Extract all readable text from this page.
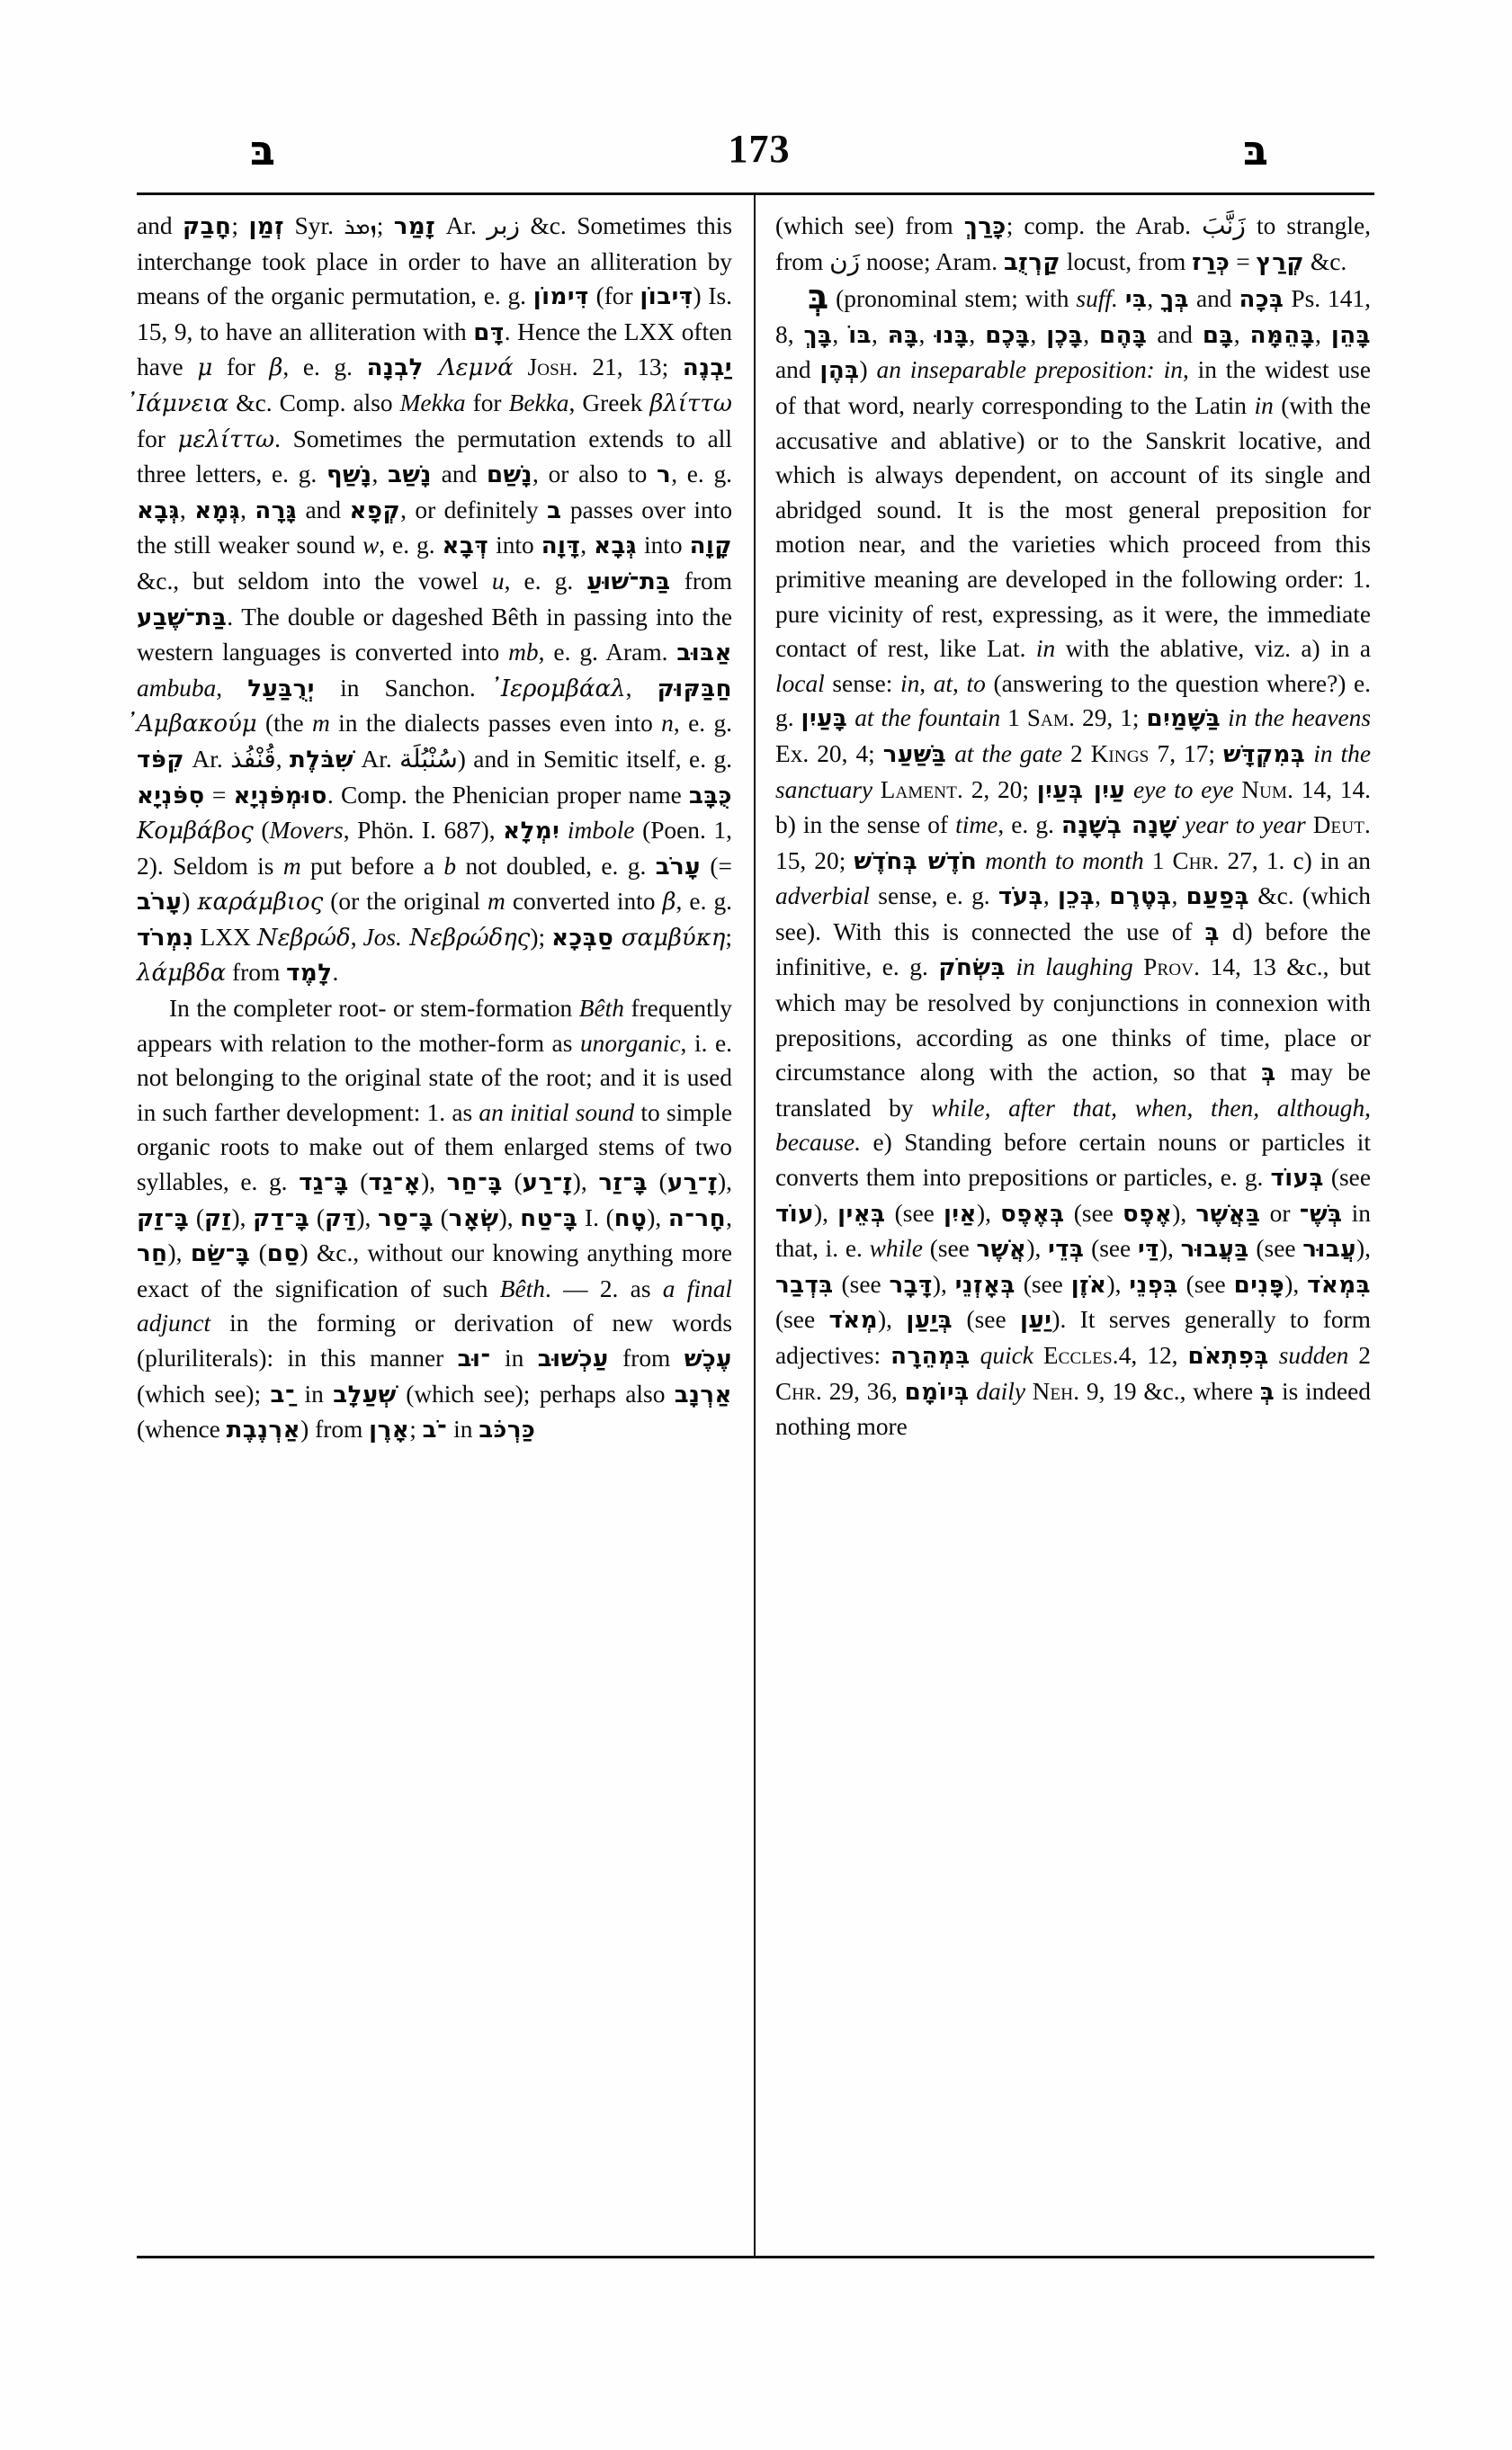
בּ	173	בּ

and חָבַק; זְמַן Syr. ܙܡܪ; זָמַר Ar. زبر &c. Sometimes this interchange took place in order to have an alliteration by means of the organic permutation, e. g. דִּימוֹן (for דִּיבוֹן) Is. 15, 9, to have an alliteration with דָּם. Hence the LXX often have μ for β, e. g. לִבְנָה Λεμνά Josh. 21, 13; יַבְנֶה ̓Ιάμνεια &c. Comp. also Mekka for Bekka, Greek βλίττω for μελίττω. Sometimes the permutation extends to all three letters, e. g. נָשַׁף, נָשַׁב and נָשַׁם, or also to ר, e. g. גְּבָא, גְּמָא, גָּרָה and קְפָא, or definitely ב passes over into the still weaker sound w, e. g. דְּבָא into דָּוָה, גְּבָא into קָוָה &c., but seldom into the vowel u, e. g. בַּת־שׁוּעַ from בַּת־שֶׁבַע. The double or dageshed Bêth in passing into the western languages is converted into mb, e. g. Aram. אַבּוּב ambuba, יְרֻבַּעַל in Sanchon. ̓Ιερομβάαλ, חַבַּקּוּק ̓Αμβακούμ (the m in the dialects passes even into n, e. g. קִפֹּד Ar. قُنْفُذ, שִׁבֹּלֶת Ar. سُنْبُلَة) and in Semitic itself, e. g. סִפֹּנְיָא = סוּמְפֹּנְיָא. Comp. the Phenician proper name כֻּבָּב Κομβάβος (Movers, Phön. I. 687), יִמְלָא imbole (Poen. 1, 2). Seldom is m put before a b not doubled, e. g. עָרֹב (= עָרֹב) καράμβιος (or the original m converted into β, e. g. נִמְרֹד LXX Νεβρώδ, Jos. Νεβρώδης); סַבְּכָא σαμβύκη; λάμβδα from לָמֶד.

In the completer root- or stem-formation Bêth frequently appears with relation to the mother-form as unorganic, i. e. not belonging to the original state of the root; and it is used in such farther development: 1. as an initial sound to simple organic roots to make out of them enlarged stems of two syllables, e. g. בָּ־גַד (אָ־גַד), בָּ־חַר (זָ־רַע), בָּ־זַר (זָ־רַע), בָּ־זַק (זַק), בָּ־דַק (דַּק), בָּ־סַר (שְׂאָר), בָּ־טַח I. (טָח), חָר־ה, חַר), בָּ־שַׂם (סַם) &c., without our knowing anything more exact of the signification of such Bêth. — 2. as a final adjunct in the forming or derivation of new words (pluriliterals): in this manner ־וּב in עַכְשׁוּב from עֶכֶשׁ (which see); ־ַב in שְׁעַלָב (which see); perhaps also אַרְנָב (whence אַרְנֶבֶת) from אָרֶן; ־ֹב in כַּרְכֹּב

(which see) from כָּרַךְ; comp. the Arab. زَنَّبَ to strangle, from زَن noose; Aram. קַרְזֻב locust, from כְּרַז = קְרַץ &c.

בְּ (pronominal stem; with suff. בִּי, בְּךָ and בְּכָה Ps. 141, 8, בָּךְ, בּוֹ, בָּהּ, בָּנוּ, בָּכֶם, בָּכֶן, בָּהֶם and בָּם, בָּהֵמָּה, בָּהֵן and בְּהֶן) an inseparable preposition: in, in the widest use of that word, nearly corresponding to the Latin in (with the accusative and ablative) or to the Sanskrit locative, and which is always dependent, on account of its single and abridged sound. It is the most general preposition for motion near, and the varieties which proceed from this primitive meaning are developed in the following order: 1. pure vicinity of rest, expressing, as it were, the immediate contact of rest, like Lat. in with the ablative, viz. a) in a local sense: in, at, to (answering to the question where?) e. g. בָּעַיִן at the fountain 1 Sam. 29, 1; בַּשָּׁמַיִם in the heavens Ex. 20, 4; בַּשַּׁעַר at the gate 2 Kings 7, 17; בְּמִקְדָּשׁ in the sanctuary Lament. 2, 20; עַיִן בְּעַיִן eye to eye Num. 14, 14. b) in the sense of time, e. g. שָׁנָה בְשָׁנָה year to year Deut. 15, 20; חֹדֶשׁ בְּחֹדֶשׁ month to month 1 Chr. 27, 1. c) in an adverbial sense, e. g. בְּעֹד, בְּכֵן, בְּטֶרֶם, בְּפַעַם &c. (which see). With this is connected the use of בְּ d) before the infinitive, e. g. בִּשְׂחֹק in laughing Prov. 14, 13 &c., but which may be resolved by conjunctions in connexion with prepositions, according as one thinks of time, place or circumstance along with the action, so that בְּ may be translated by while, after that, when, then, although, because. e) Standing before certain nouns or particles it converts them into prepositions or particles, e. g. בְּעוֹד (see עוֹד), בְּאֵין (see אַיִן), בְּאֶפֶס (see אֶפֶס), בַּאֲשֶׁר or בְּשֶׁ־ in that, i. e. while (see אֲשֶׁר), בְּדֵי (see דַּי), בַּעֲבוּר (see עֲבוּר), בִּדְבַר (see דָּבָר), בְּאָזְנֵי (see אֹזֶן), בִּפְנֵי (see פָּנִים), בִּמְאֹד (see מְאֹד), בְּיַעַן (see יַעַן). It serves generally to form adjectives: בִּמְהֵרָה quick Eccles.4, 12, בְּפִתְאֹם sudden 2 Chr. 29, 36, בְּיוֹמָם daily Neh. 9, 19 &c., where בְּ is indeed nothing more
